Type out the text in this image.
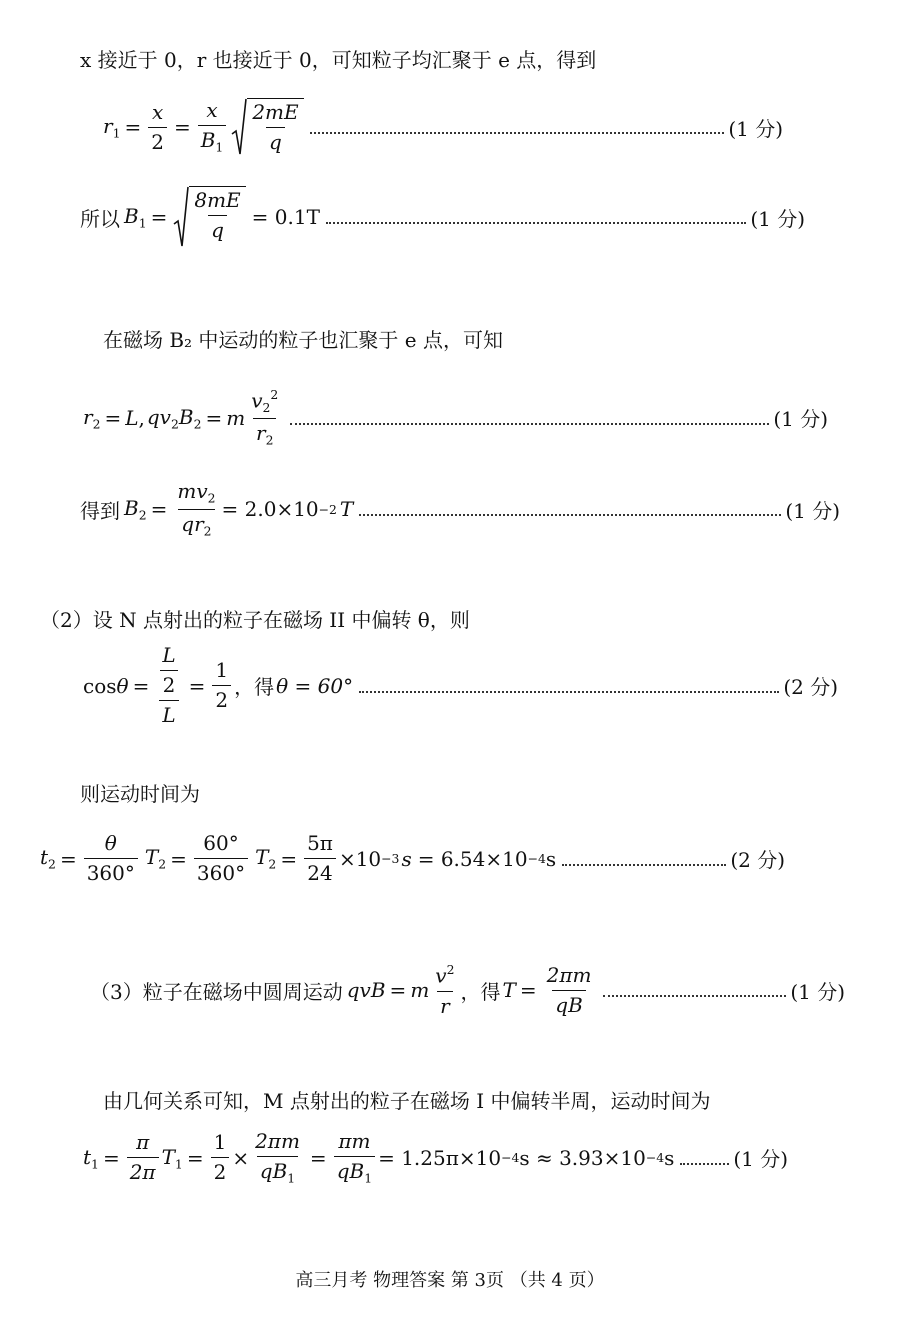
x 接近于 0，r 也接近于 0，可知粒子均汇聚于 e 点，得到
$r_1 = \frac{x}{2} = \frac{x}{B_1} \frac{2mE}{q}$	(1 分)
所以 $B_1 = \frac{8mE}{q} = 0.1T$	(1 分)
在磁场 B₂ 中运动的粒子也汇聚于 e 点，可知
$r_2 = L$ , $qv_2B_2 = m \frac{v_2^2}{r_2}$	(1 分)
得到 $B_2 = \frac{mv_2}{qr_2} = 2.0\times 10 -2$ T	(1 分)
（2）设 N 点射出的粒子在磁场 II 中偏转 θ，则
$\cos \theta = \frac{\frac{L}{2}}{L} = \frac{1}{2}$ ，得 θ = 60°	(2 分)
则运动时间为
$t_2 = \frac{\theta}{360^\circ} T_2 = \frac{60^\circ}{360^\circ} T_2 = \frac{5\pi}{24} \times 10 -3$ s = 6.54×10 −4 s	(2 分)
（3）粒子在磁场中圆周运动 qvB = m $\frac{v^2}{r}$ ，得 $T = \frac{2\pi m}{qB}$	(1 分)
由几何关系可知，M 点射出的粒子在磁场 I 中偏转半周，运动时间为
$t_1 = \frac{\pi}{2\pi} T_1 = \frac{1}{2} \times \frac{2\pi m}{qB_1} = \frac{\pi m}{qB_1} = 1.25\pi\times 10 -4$ s ≈ 3.93×10 −4 s	(1 分)
高三月考 物理答案 第 3页 （共 4 页）
